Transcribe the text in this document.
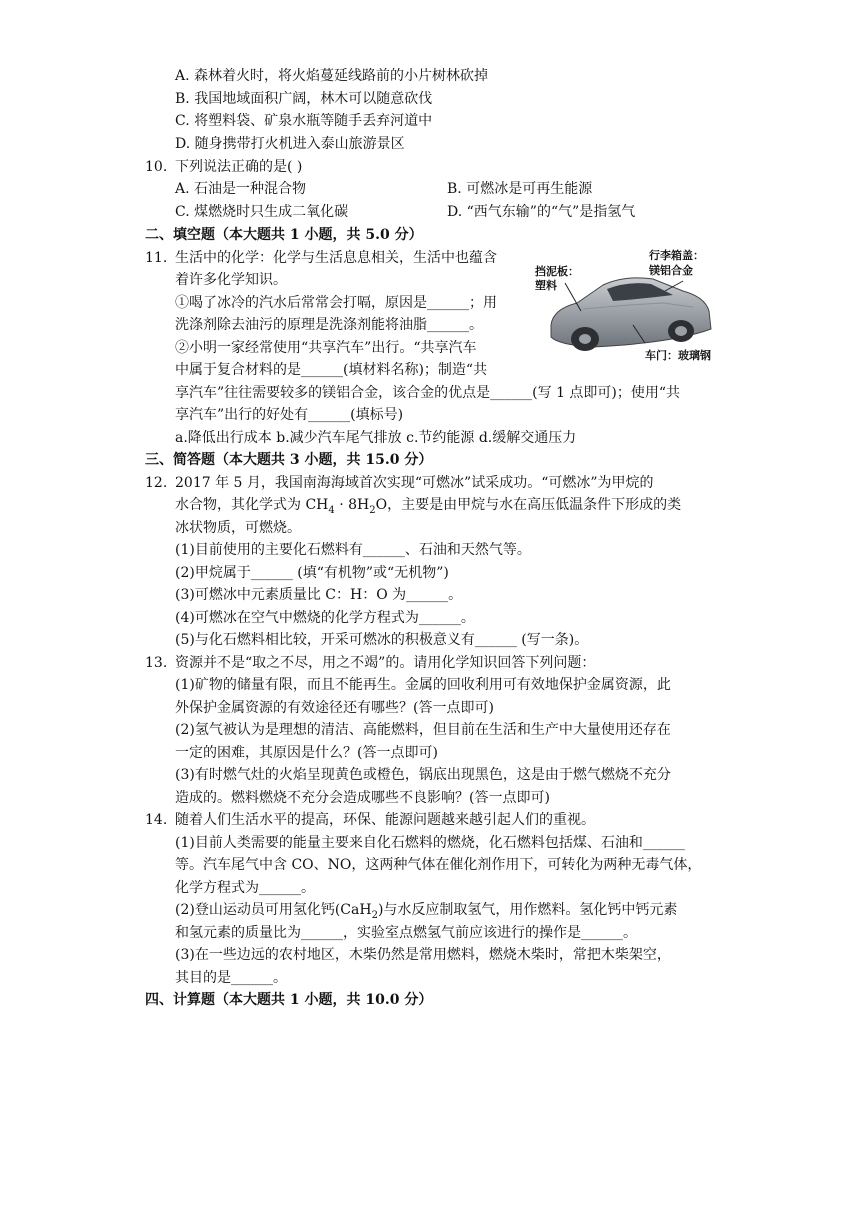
A. 森林着火时，将火焰蔓延线路前的小片树林砍掉
B. 我国地域面积广阔，林木可以随意砍伐
C. 将塑料袋、矿泉水瓶等随手丢弃河道中
D. 随身携带打火机进入泰山旅游景区
10. 下列说法正确的是( )
A. 石油是一种混合物	B. 可燃冰是可再生能源
C. 煤燃烧时只生成二氧化碳	D. “西气东输”的“气”是指氢气
二、填空题（本大题共 1 小题，共 5.0 分）
11. 生活中的化学：化学与生活息息相关，生活中也蕴含
着许多化学知识。
①喝了冰冷的汽水后常常会打嗝，原因是______；用
洗涤剂除去油污的原理是洗涤剂能将油脂______。
②小明一家经常使用“共享汽车”出行。“共享汽车
中属于复合材料的是______(填材料名称)；制造“共
享汽车”往往需要较多的镁铝合金，该合金的优点是______(写 1 点即可)；使用“共
享汽车”出行的好处有______(填标号)
a.降低出行成本 b.减少汽车尾气排放 c.节约能源 d.缓解交通压力
挡泥板：
塑料
行李箱盖：
镁铝合金
车门：玻璃钢
三、简答题（本大题共 3 小题，共 15.0 分）
12. 2017 年 5 月，我国南海海域首次实现“可燃冰”试采成功。“可燃冰”为甲烷的
水合物，其化学式为 $CH_4 \cdot 8H_2O$，主要是由甲烷与水在高压低温条件下形成的类
冰状物质，可燃烧。
(1)目前使用的主要化石燃料有______、石油和天然气等。
(2)甲烷属于______ (填“有机物”或“无机物”)
(3)可燃冰中元素质量比 C：H：O 为______。
(4)可燃冰在空气中燃烧的化学方程式为______。
(5)与化石燃料相比较，开采可燃冰的积极意义有______ (写一条)。
13. 资源并不是“取之不尽，用之不竭”的。请用化学知识回答下列问题：
(1)矿物的储量有限，而且不能再生。金属的回收利用可有效地保护金属资源，此
外保护金属资源的有效途径还有哪些？(答一点即可)
(2)氢气被认为是理想的清洁、高能燃料，但目前在生活和生产中大量使用还存在
一定的困难，其原因是什么？(答一点即可)
(3)有时燃气灶的火焰呈现黄色或橙色，锅底出现黑色，这是由于燃气燃烧不充分
造成的。燃料燃烧不充分会造成哪些不良影响？(答一点即可)
14. 随着人们生活水平的提高，环保、能源问题越来越引起人们的重视。
(1)目前人类需要的能量主要来自化石燃料的燃烧，化石燃料包括煤、石油和______
等。汽车尾气中含 CO、NO，这两种气体在催化剂作用下，可转化为两种无毒气体，
化学方程式为______。
(2)登山运动员可用氢化钙(CaH$_2$)与水反应制取氢气，用作燃料。氢化钙中钙元素
和氢元素的质量比为______，实验室点燃氢气前应该进行的操作是______。
(3)在一些边远的农村地区，木柴仍然是常用燃料，燃烧木柴时，常把木柴架空，
其目的是______。
四、计算题（本大题共 1 小题，共 10.0 分）
